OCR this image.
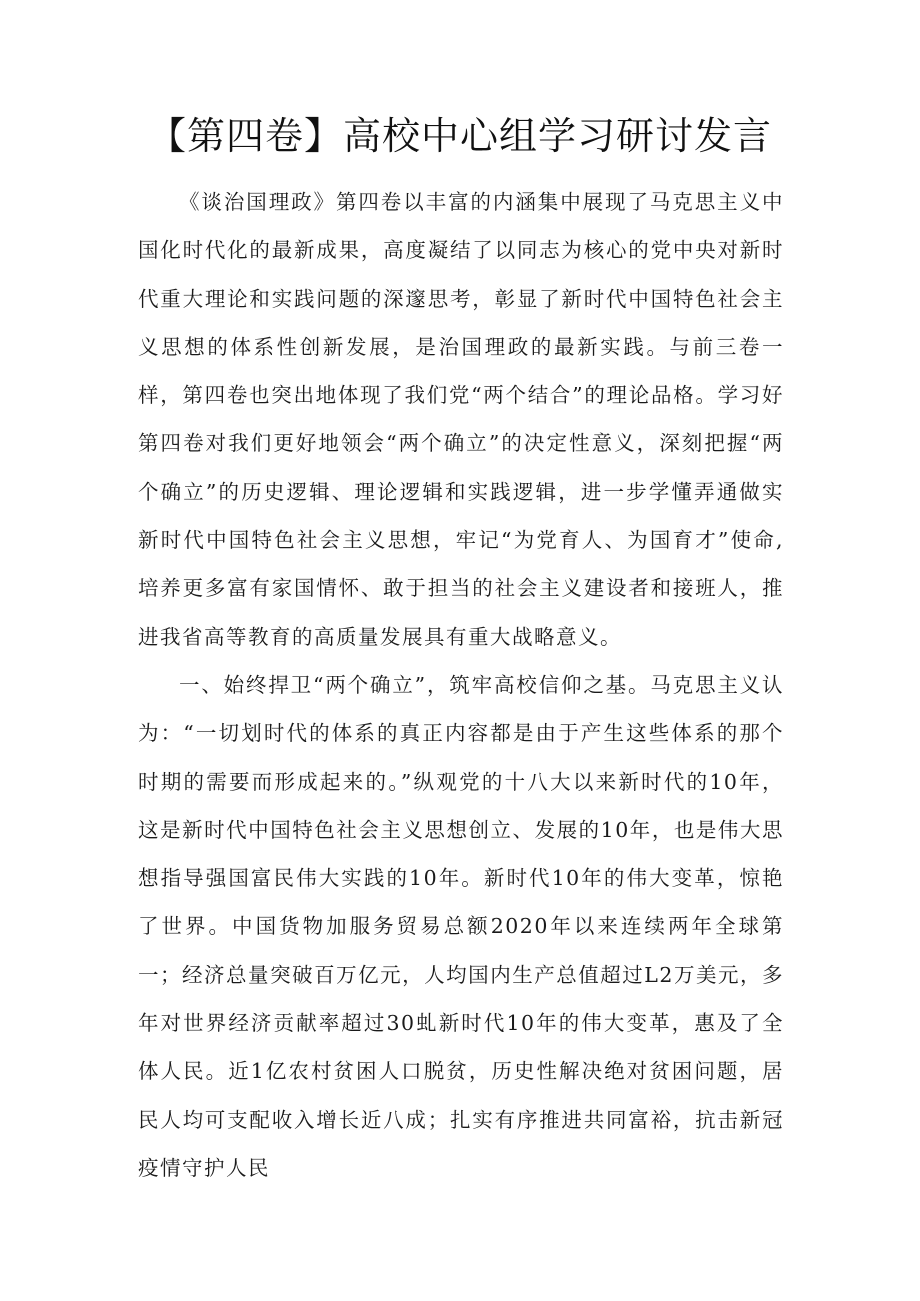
【第四卷】高校中心组学习研讨发言

《谈治国理政》第四卷以丰富的内涵集中展现了马克思主义中国化时代化的最新成果，高度凝结了以同志为核心的党中央对新时代重大理论和实践问题的深邃思考，彰显了新时代中国特色社会主义思想的体系性创新发展，是治国理政的最新实践。与前三卷一样，第四卷也突出地体现了我们党“两个结合”的理论品格。学习好第四卷对我们更好地领会“两个确立”的决定性意义，深刻把握“两个确立”的历史逻辑、理论逻辑和实践逻辑，进一步学懂弄通做实新时代中国特色社会主义思想，牢记“为党育人、为国育才”使命,培养更多富有家国情怀、敢于担当的社会主义建设者和接班人，推进我省高等教育的高质量发展具有重大战略意义。

一、始终捍卫“两个确立”，筑牢高校信仰之基。马克思主义认为：“一切划时代的体系的真正内容都是由于产生这些体系的那个时期的需要而形成起来的。”纵观党的十八大以来新时代的10年，这是新时代中国特色社会主义思想创立、发展的10年，也是伟大思想指导强国富民伟大实践的10年。新时代10年的伟大变革，惊艳了世界。中国货物加服务贸易总额2020年以来连续两年全球第一；经济总量突破百万亿元，人均国内生产总值超过L2万美元，多年对世界经济贡献率超过30虬新时代10年的伟大变革，惠及了全体人民。近1亿农村贫困人口脱贫，历史性解决绝对贫困问题，居民人均可支配收入增长近八成；扎实有序推进共同富裕，抗击新冠疫情守护人民
